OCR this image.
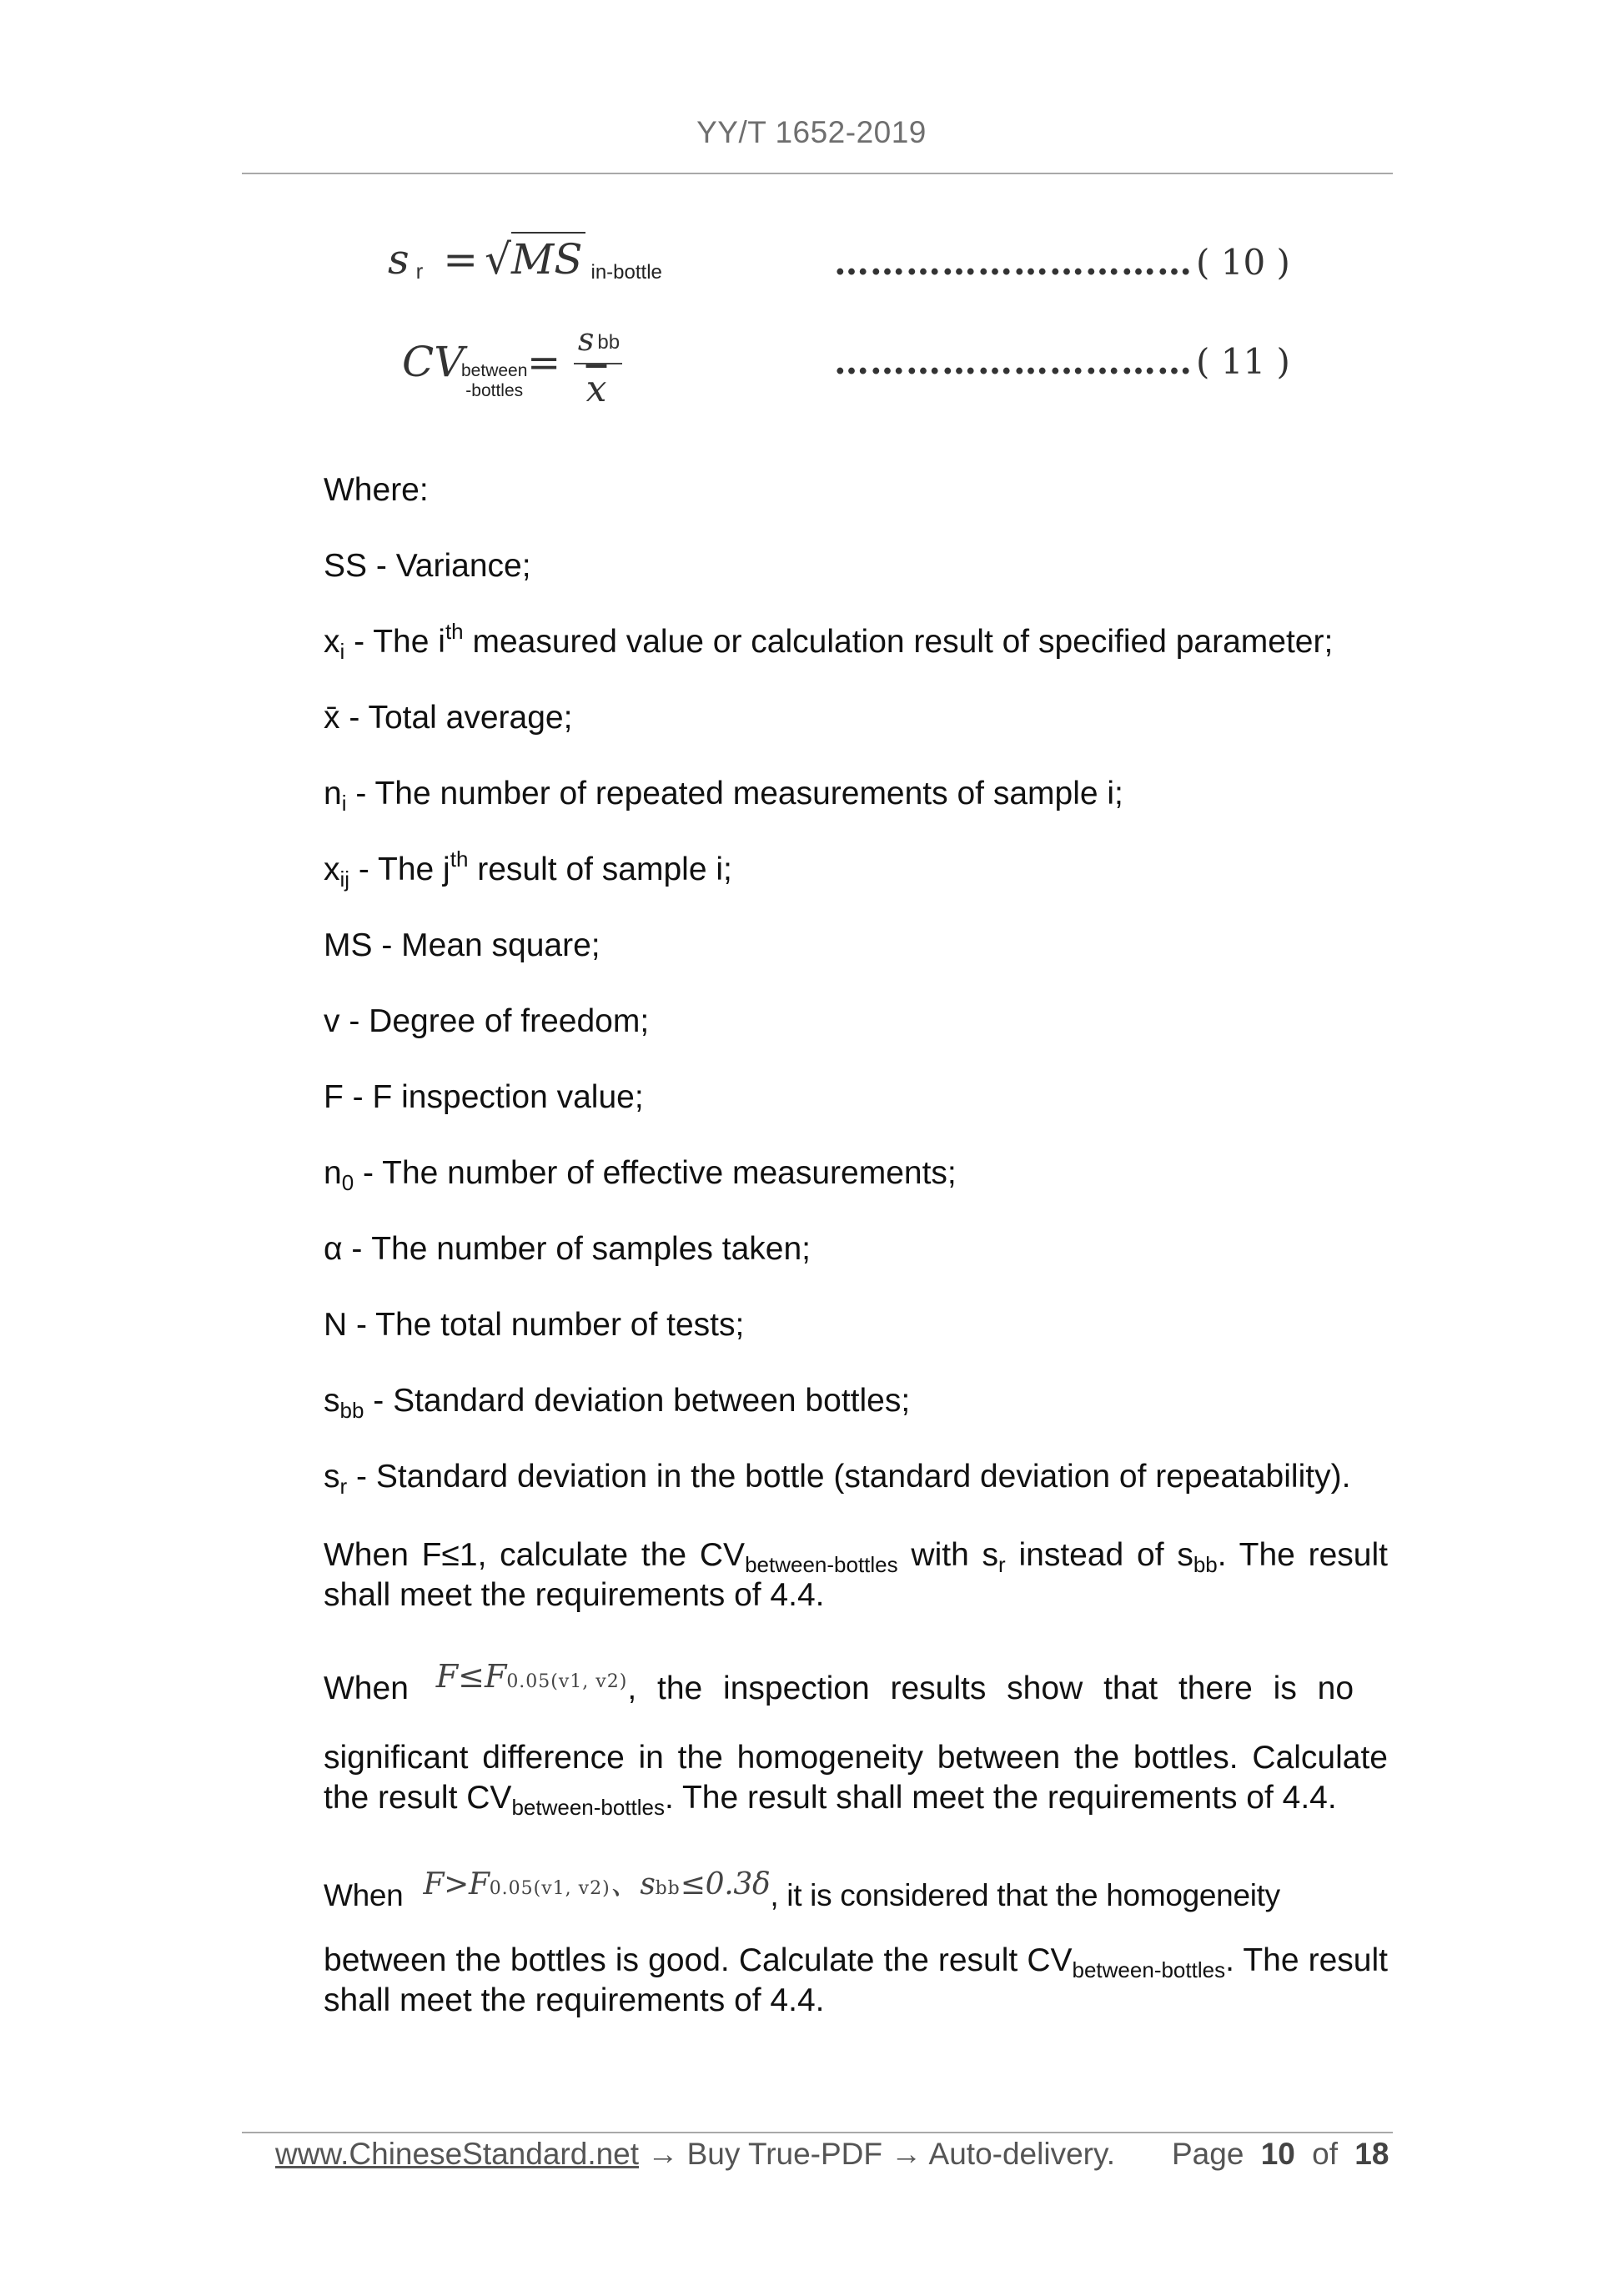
YY/T 1652-2019
sr = √MS in-bottle	…………………………( 10 )
CV
between
-bottles
= sbb
$\overline{x}$
…………………………( 11 )
Where:
SS - Variance;
$x_i$ - The $i^{th}$ measured value or calculation result of specified parameter;
x̄ - Total average;
$n_i$ - The number of repeated measurements of sample i;
$x_{ij}$ - The $j^{th}$ result of sample i;
MS - Mean square;
v - Degree of freedom;
F - F inspection value;
$n_0$ - The number of effective measurements;
α - The number of samples taken;
N - The total number of tests;
$s_{bb}$ - Standard deviation between bottles;
$s_r$ - Standard deviation in the bottle (standard deviation of repeatability).
When F≤1, calculate the $CV_{between-bottles}$ with $s_r$ instead of $s_{bb}$. The result
shall meet the requirements of 4.4.
When F≤F0.05(v1, v2), the inspection results show that there is no
significant difference in the homogeneity between the bottles. Calculate
the result $CV_{between-bottles}$. The result shall meet the requirements of 4.4.
When F>F0.05(v1, v2)、sbb≤0.3δ, it is considered that the homogeneity
between the bottles is good. Calculate the result $CV_{between-bottles}$. The result
shall meet the requirements of 4.4.
www.ChineseStandard.net → Buy True-PDF → Auto-delivery. Page 10 of 18
